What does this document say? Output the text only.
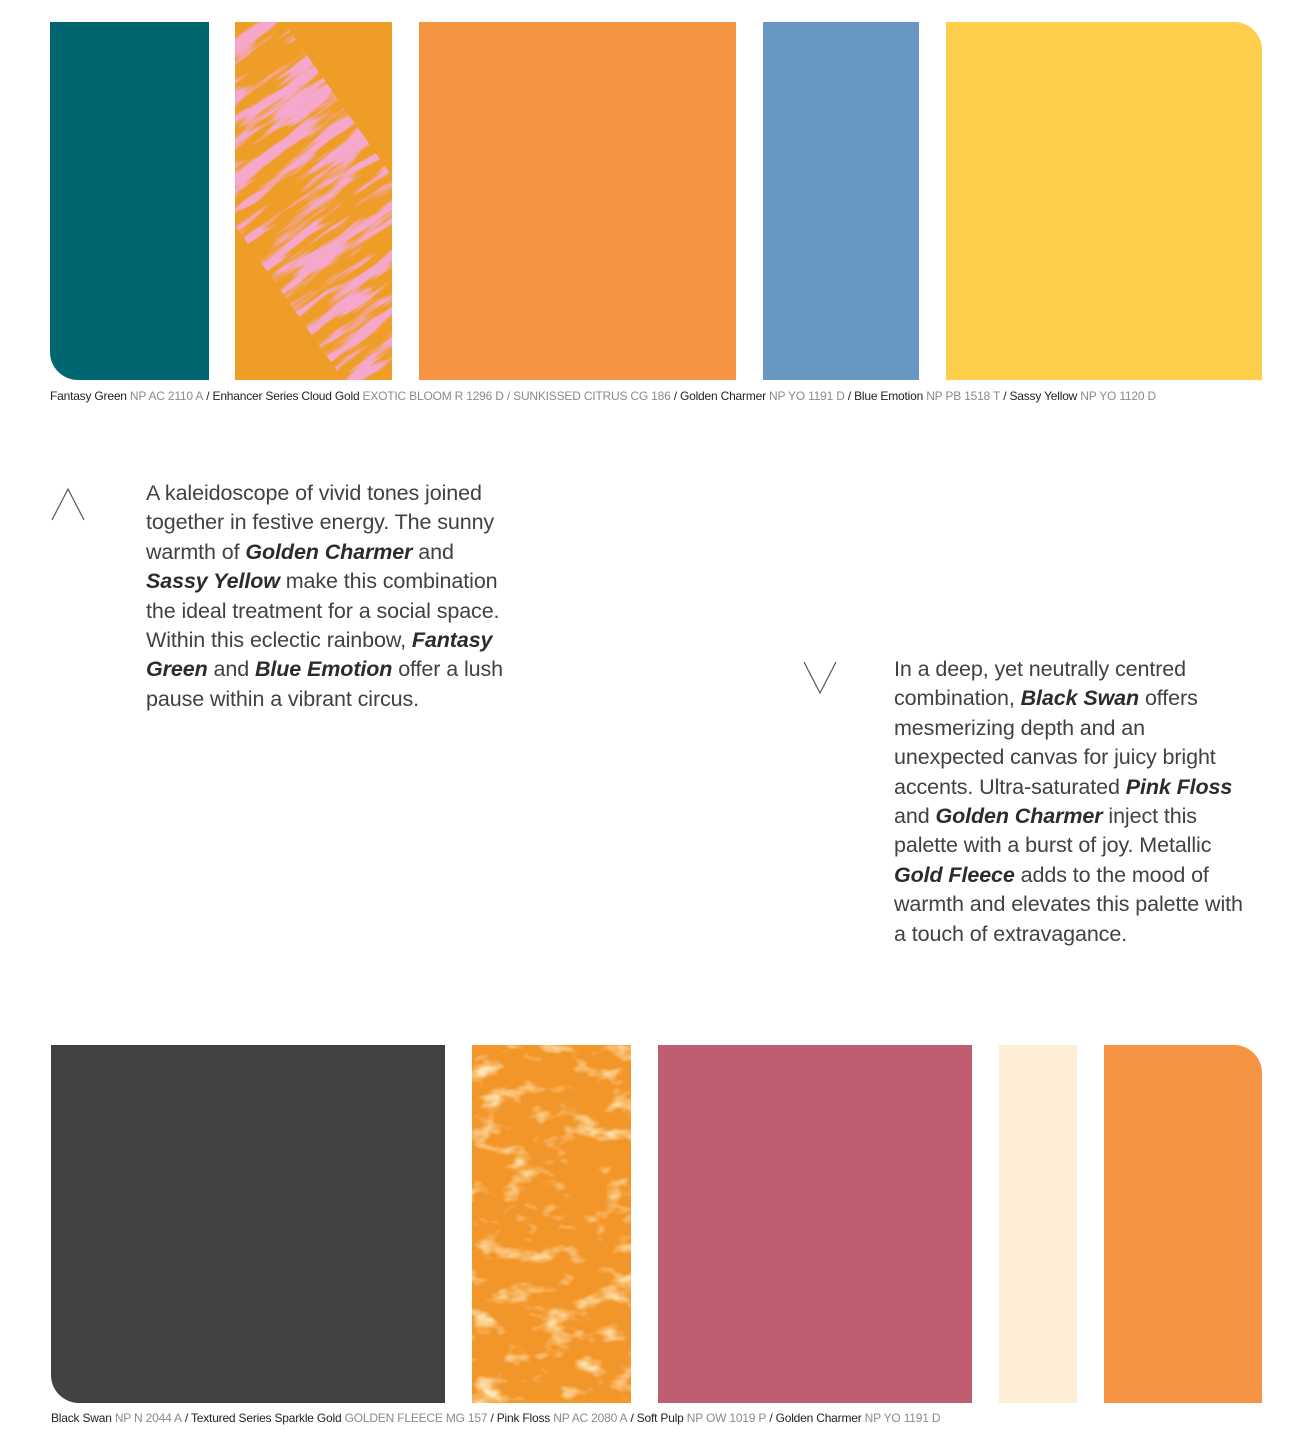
Fantasy Green NP AC 2110 A / Enhancer Series Cloud Gold EXOTIC BLOOM R 1296 D / SUNKISSED CITRUS CG 186 / Golden Charmer NP YO 1191 D / Blue Emotion NP PB 1518 T / Sassy Yellow NP YO 1120 D
A kaleidoscope of vivid tones joined together in festive energy. The sunny warmth of Golden Charmer and Sassy Yellow make this combination the ideal treatment for a social space. Within this eclectic rainbow, Fantasy Green and Blue Emotion offer a lush pause within a vibrant circus.
In a deep, yet neutrally centred combination, Black Swan offers mesmerizing depth and an unexpected canvas for juicy bright accents. Ultra-saturated Pink Floss and Golden Charmer inject this palette with a burst of joy. Metallic Gold Fleece adds to the mood of warmth and elevates this palette with a touch of extravagance.
Black Swan NP N 2044 A / Textured Series Sparkle Gold GOLDEN FLEECE MG 157 / Pink Floss NP AC 2080 A / Soft Pulp NP OW 1019 P / Golden Charmer NP YO 1191 D
